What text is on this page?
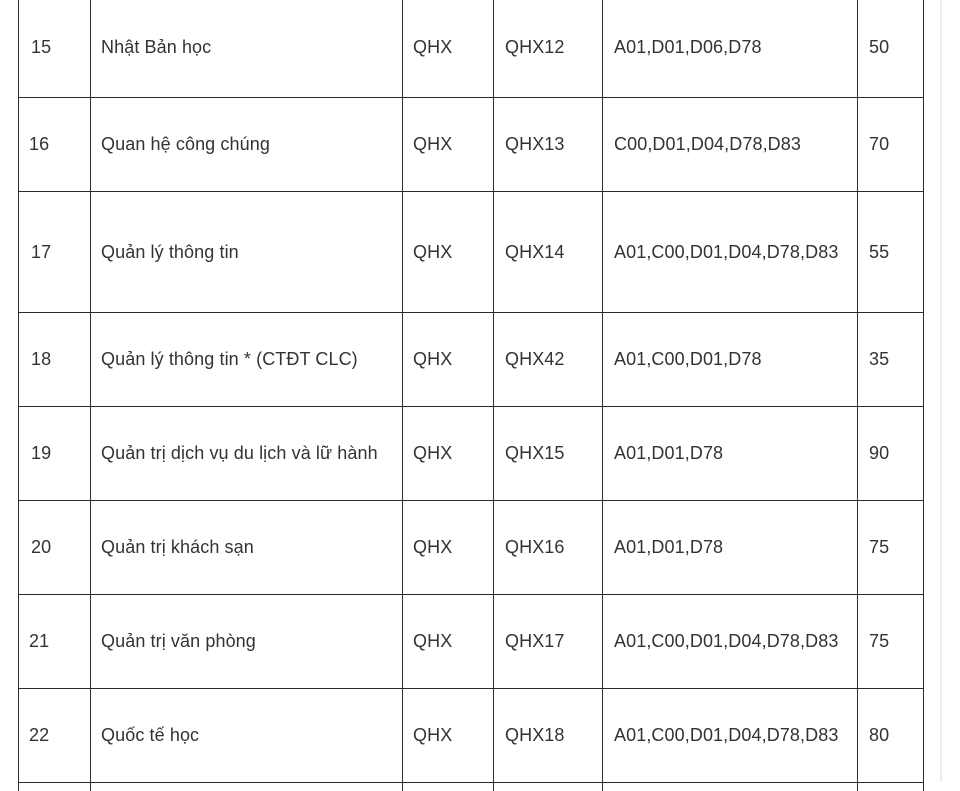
15	Nhật Bản học	QHX	QHX12	A01,D01,D06,D78	50
16	Quan hệ công chúng	QHX	QHX13	C00,D01,D04,D78,D83	70
17	Quản lý thông tin	QHX	QHX14	A01,C00,D01,D04,D78,D83	55
18	Quản lý thông tin * (CTĐT CLC)	QHX	QHX42	A01,C00,D01,D78	35
19	Quản trị dịch vụ du lịch và lữ hành	QHX	QHX15	A01,D01,D78	90
20	Quản trị khách sạn	QHX	QHX16	A01,D01,D78	75
21	Quản trị văn phòng	QHX	QHX17	A01,C00,D01,D04,D78,D83	75
22	Quốc tế học	QHX	QHX18	A01,C00,D01,D04,D78,D83	80
